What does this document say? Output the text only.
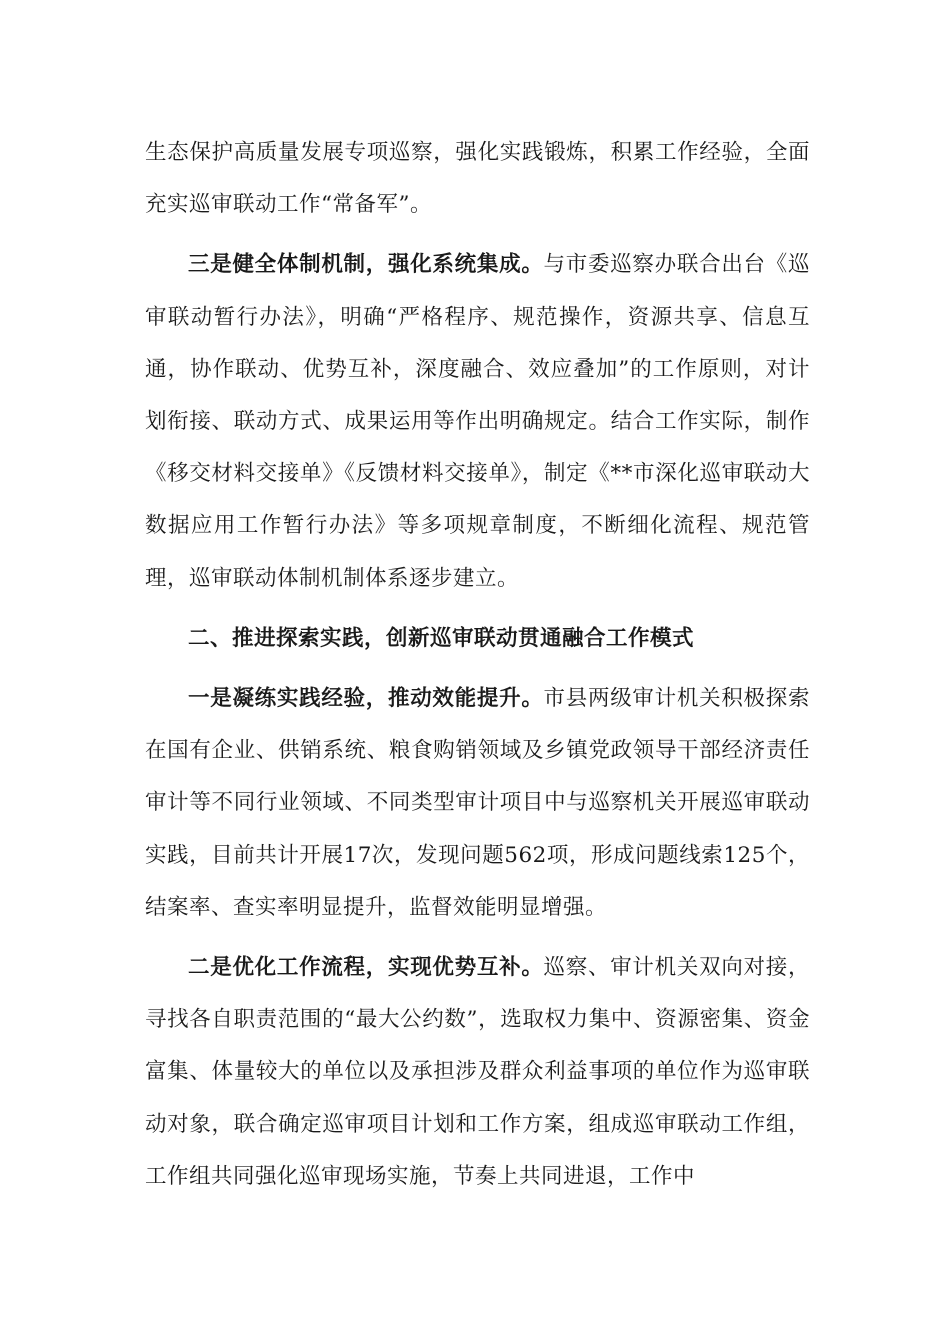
生态保护高质量发展专项巡察，强化实践锻炼，积累工作经验，全面充实巡审联动工作“常备军”。

三是健全体制机制，强化系统集成。与市委巡察办联合出台《巡审联动暂行办法》，明确“严格程序、规范操作，资源共享、信息互通，协作联动、优势互补，深度融合、效应叠加”的工作原则，对计划衔接、联动方式、成果运用等作出明确规定。结合工作实际，制作《移交材料交接单》《反馈材料交接单》，制定《**市深化巡审联动大数据应用工作暂行办法》等多项规章制度，不断细化流程、规范管理，巡审联动体制机制体系逐步建立。

二、推进探索实践，创新巡审联动贯通融合工作模式

一是凝练实践经验，推动效能提升。市县两级审计机关积极探索在国有企业、供销系统、粮食购销领域及乡镇党政领导干部经济责任审计等不同行业领域、不同类型审计项目中与巡察机关开展巡审联动实践，目前共计开展17次，发现问题562项，形成问题线索125个，结案率、查实率明显提升，监督效能明显增强。

二是优化工作流程，实现优势互补。巡察、审计机关双向对接，寻找各自职责范围的“最大公约数”，选取权力集中、资源密集、资金富集、体量较大的单位以及承担涉及群众利益事项的单位作为巡审联动对象，联合确定巡审项目计划和工作方案，组成巡审联动工作组，工作组共同强化巡审现场实施，节奏上共同进退，工作中
